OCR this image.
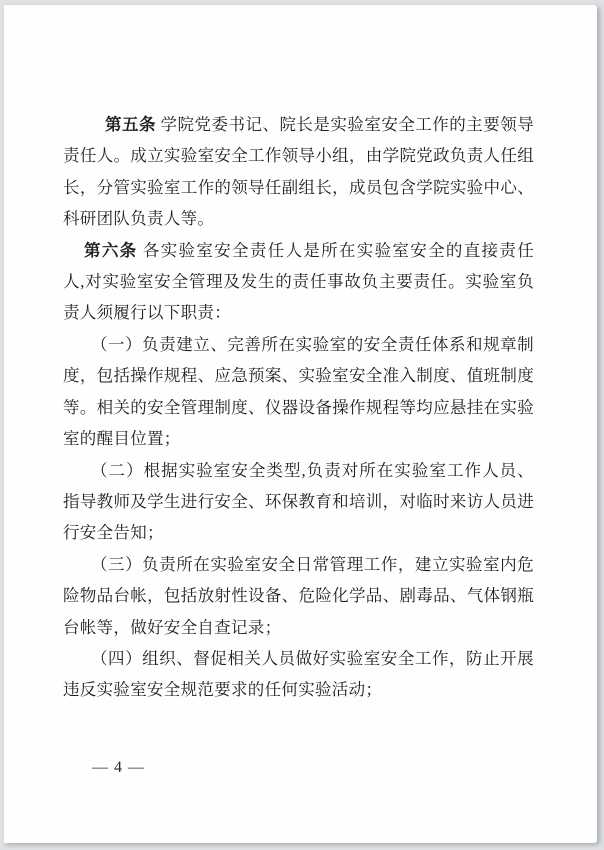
第五条 学院党委书记、院长是实验室安全工作的主要领导
责任人。成立实验室安全工作领导小组，由学院党政负责人任组
长，分管实验室工作的领导任副组长，成员包含学院实验中心、
科研团队负责人等。
第六条 各实验室安全责任人是所在实验室安全的直接责任
人,对实验室安全管理及发生的责任事故负主要责任。实验室负
责人须履行以下职责：
（一）负责建立、完善所在实验室的安全责任体系和规章制
度，包括操作规程、应急预案、实验室安全准入制度、值班制度
等。相关的安全管理制度、仪器设备操作规程等均应悬挂在实验
室的醒目位置；
（二）根据实验室安全类型,负责对所在实验室工作人员、
指导教师及学生进行安全、环保教育和培训，对临时来访人员进
行安全告知；
（三）负责所在实验室安全日常管理工作，建立实验室内危
险物品台帐，包括放射性设备、危险化学品、剧毒品、气体钢瓶
台帐等，做好安全自查记录；
（四）组织、督促相关人员做好实验室安全工作，防止开展
违反实验室安全规范要求的任何实验活动；
— 4 —
